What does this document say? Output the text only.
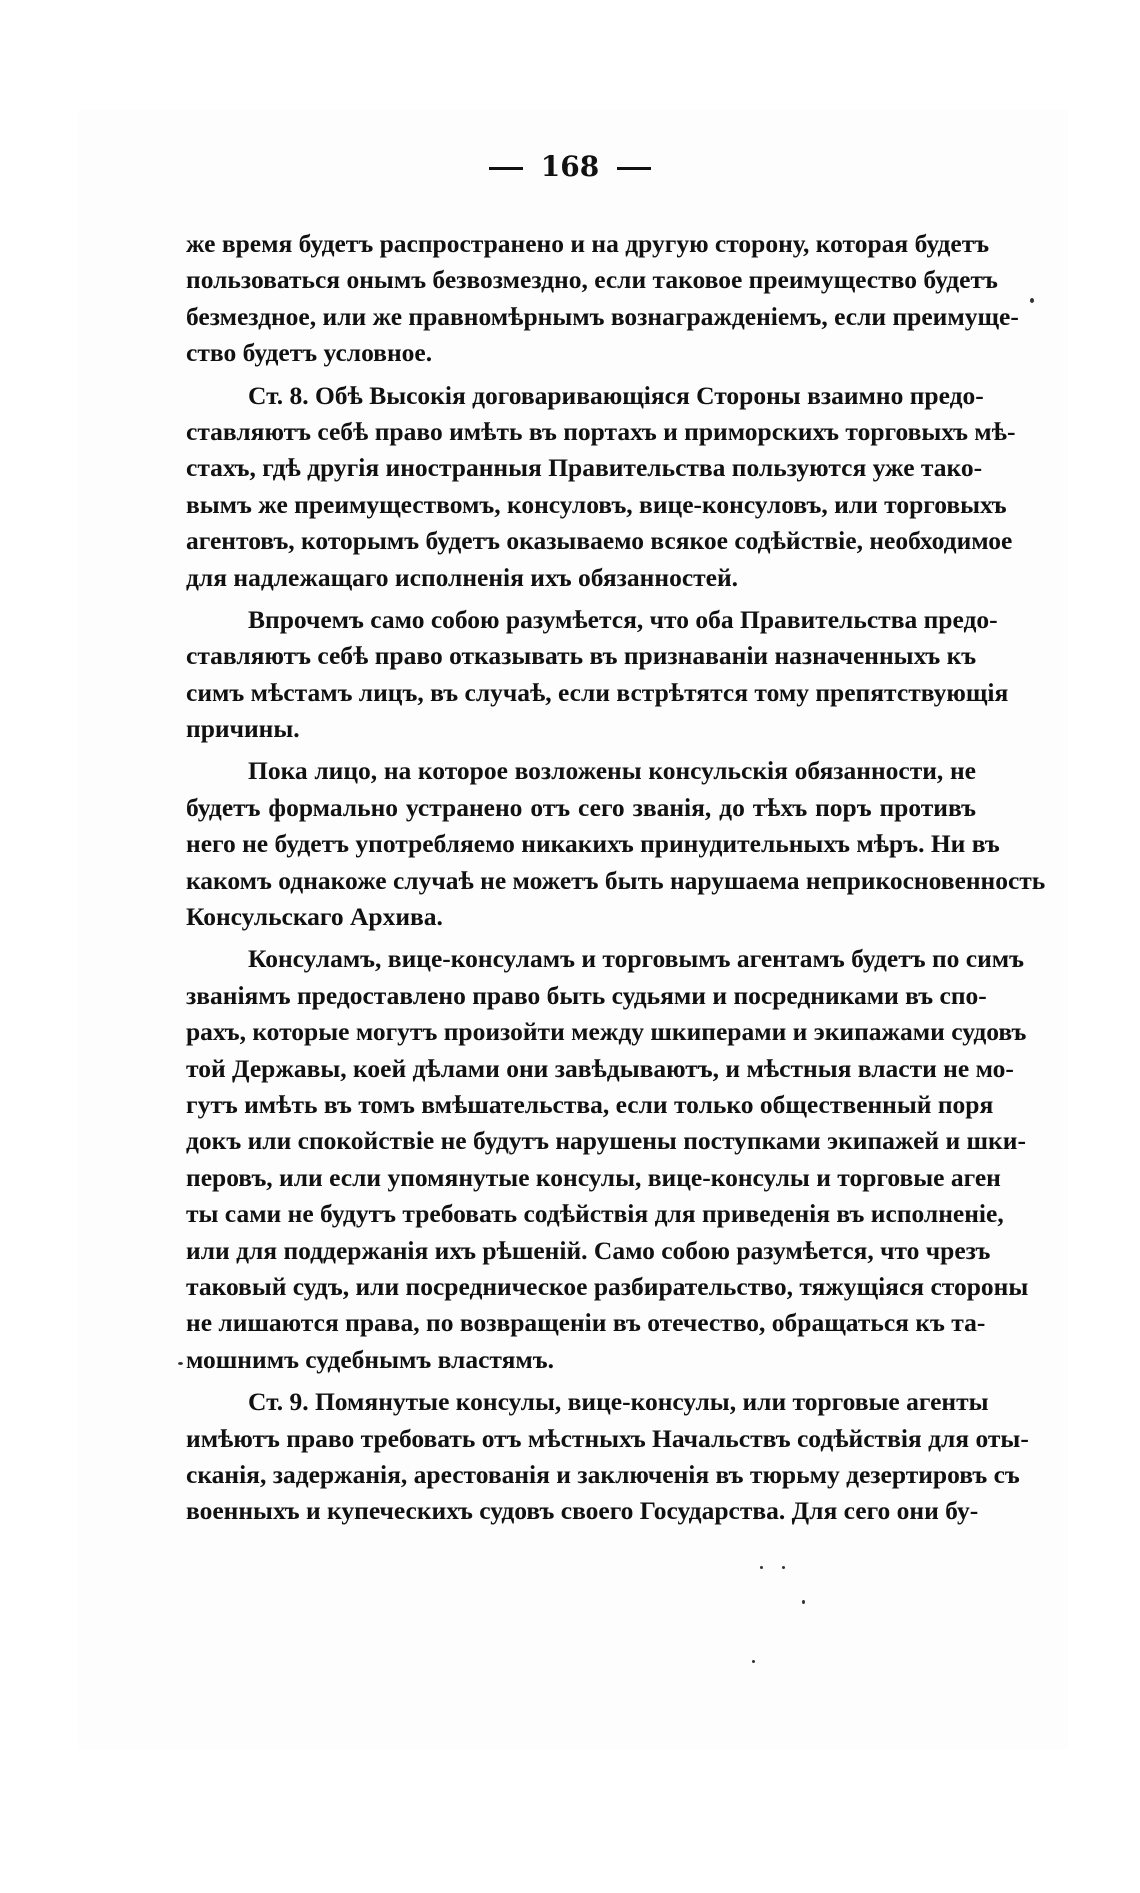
168
же время будетъ распространено и на другую сторону, которая будетъ
пользоваться онымъ безвозмездно, если таковое преимущество будетъ
безмездное, или же правномѣрнымъ вознагражденіемъ, если преимуще-
ство будетъ условное.
Ст. 8. Обѣ Высокія договаривающіяся Стороны взаимно предо-
ставляютъ себѣ право имѣть въ портахъ и приморскихъ торговыхъ мѣ-
стахъ, гдѣ другія иностранныя Правительства пользуются уже тако-
вымъ же преимуществомъ, консуловъ, вице-консуловъ, или торговыхъ
агентовъ, которымъ будетъ оказываемо всякое содѣйствіе, необходимое
для надлежащаго исполненія ихъ обязанностей.
Впрочемъ само собою разумѣется, что оба Правительства предо-
ставляютъ себѣ право отказывать въ признаваніи назначенныхъ къ
симъ мѣстамъ лицъ, въ случаѣ, если встрѣтятся тому препятствующія
причины.
Пока лицо, на которое возложены консульскія обязанности, не
будетъ формально устранено отъ сего званія, до тѣхъ поръ противъ
него не будетъ употребляемо никакихъ принудительныхъ мѣръ. Ни въ
какомъ однакоже случаѣ не можетъ быть нарушаема неприкосновенность
Консульскаго Архива.
Консуламъ, вице-консуламъ и торговымъ агентамъ будетъ по симъ
званіямъ предоставлено право быть судьями и посредниками въ спо-
рахъ, которые могутъ произойти между шкиперами и экипажами судовъ
той Державы, коей дѣлами они завѣдываютъ, и мѣстныя власти не мо-
гутъ имѣть въ томъ вмѣшательства, если только общественный поря
докъ или спокойствіе не будутъ нарушены поступками экипажей и шки-
перовъ, или если упомянутые консулы, вице-консулы и торговые аген
ты сами не будутъ требовать содѣйствія для приведенія въ исполненіе,
или для поддержанія ихъ рѣшеній. Само собою разумѣется, что чрезъ
таковый судъ, или посредническое разбирательство, тяжущіяся стороны
не лишаются права, по возвращеніи въ отечество, обращаться къ та-
мошнимъ судебнымъ властямъ.
Ст. 9. Помянутые консулы, вице-консулы, или торговые агенты
имѣютъ право требовать отъ мѣстныхъ Начальствъ содѣйствія для оты-
сканія, задержанія, арестованія и заключенія въ тюрьму дезертировъ съ
военныхъ и купеческихъ судовъ своего Государства. Для сего они бу-
